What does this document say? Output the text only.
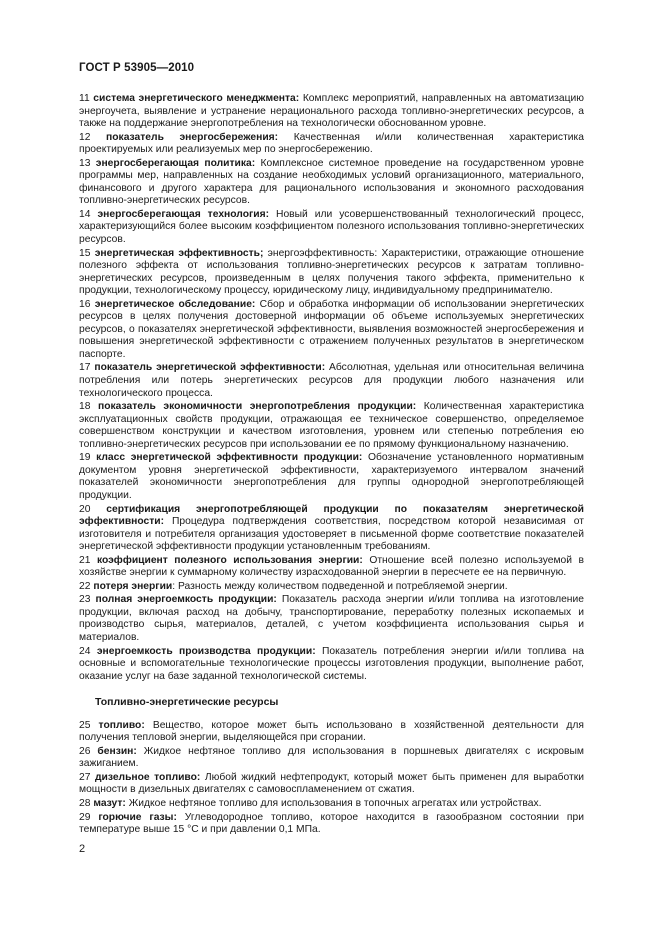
ГОСТ Р 53905—2010
11 система энергетического менеджмента: Комплекс мероприятий, направленных на автоматизацию энергоучета, выявление и устранение нерационального расхода топливно-энергетических ресурсов, а также на поддержание энергопотребления на технологически обоснованном уровне.
12 показатель энергосбережения: Качественная и/или количественная характеристика проектируемых или реализуемых мер по энергосбережению.
13 энергосберегающая политика: Комплексное системное проведение на государственном уровне программы мер, направленных на создание необходимых условий организационного, материального, финансового и другого характера для рационального использования и экономного расходования топливно-энергетических ресурсов.
14 энергосберегающая технология: Новый или усовершенствованный технологический процесс, характеризующийся более высоким коэффициентом полезного использования топливно-энергетических ресурсов.
15 энергетическая эффективность; энергоэффективность: Характеристики, отражающие отношение полезного эффекта от использования топливно-энергетических ресурсов к затратам топливно-энергетических ресурсов, произведенным в целях получения такого эффекта, применительно к продукции, технологическому процессу, юридическому лицу, индивидуальному предпринимателю.
16 энергетическое обследование: Сбор и обработка информации об использовании энергетических ресурсов в целях получения достоверной информации об объеме используемых энергетических ресурсов, о показателях энергетической эффективности, выявления возможностей энергосбережения и повышения энергетической эффективности с отражением полученных результатов в энергетическом паспорте.
17 показатель энергетической эффективности: Абсолютная, удельная или относительная величина потребления или потерь энергетических ресурсов для продукции любого назначения или технологического процесса.
18 показатель экономичности энергопотребления продукции: Количественная характеристика эксплуатационных свойств продукции, отражающая ее техническое совершенство, определяемое совершенством конструкции и качеством изготовления, уровнем или степенью потребления ею топливно-энергетических ресурсов при использовании ее по прямому функциональному назначению.
19 класс энергетической эффективности продукции: Обозначение установленного нормативным документом уровня энергетической эффективности, характеризуемого интервалом значений показателей экономичности энергопотребления для группы однородной энергопотребляющей продукции.
20 сертификация энергопотребляющей продукции по показателям энергетической эффективности: Процедура подтверждения соответствия, посредством которой независимая от изготовителя и потребителя организация удостоверяет в письменной форме соответствие показателей энергетической эффективности продукции установленным требованиям.
21 коэффициент полезного использования энергии: Отношение всей полезно используемой в хозяйстве энергии к суммарному количеству израсходованной энергии в пересчете ее на первичную.
22 потеря энергии: Разность между количеством подведенной и потребляемой энергии.
23 полная энергоемкость продукции: Показатель расхода энергии и/или топлива на изготовление продукции, включая расход на добычу, транспортирование, переработку полезных ископаемых и производство сырья, материалов, деталей, с учетом коэффициента использования сырья и материалов.
24 энергоемкость производства продукции: Показатель потребления энергии и/или топлива на основные и вспомогательные технологические процессы изготовления продукции, выполнение работ, оказание услуг на базе заданной технологической системы.
Топливно-энергетические ресурсы
25 топливо: Вещество, которое может быть использовано в хозяйственной деятельности для получения тепловой энергии, выделяющейся при сгорании.
26 бензин: Жидкое нефтяное топливо для использования в поршневых двигателях с искровым зажиганием.
27 дизельное топливо: Любой жидкий нефтепродукт, который может быть применен для выработки мощности в дизельных двигателях с самовоспламенением от сжатия.
28 мазут: Жидкое нефтяное топливо для использования в топочных агрегатах или устройствах.
29 горючие газы: Углеводородное топливо, которое находится в газообразном состоянии при температуре выше 15 °С и при давлении 0,1 МПа.
2
